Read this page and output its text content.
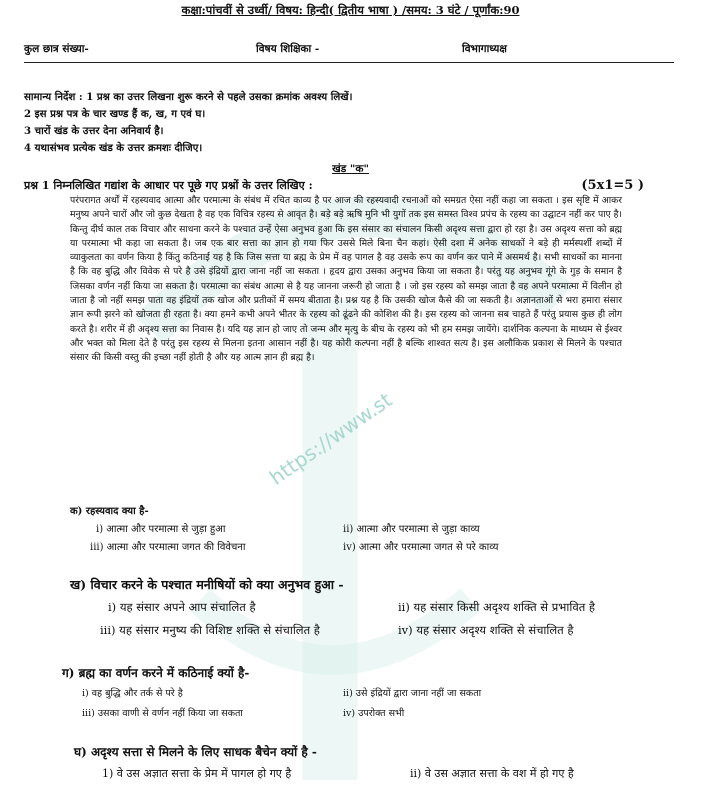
कक्षा:पांचवीं से उर्ध्वी/ विषय: हिन्दी( द्वितीय भाषा ) /समय: 3 घंटे / पूर्णांक:90
कुल छात्र संख्या-	विषय शिक्षिका -	विभागाध्यक्ष
सामान्य निर्देश : 1 प्रश्न का उत्तर लिखना शुरू करने से पहले उसका क्रमांक अवश्य लिखें।
2 इस प्रश्न पत्र के चार खण्ड हैं क, ख, ग एवं घ।
3 चारों खंड के उत्तर देना अनिवार्य है।
4 यथासंभव प्रत्येक खंड के उत्तर क्रमशः दीजिए।
खंड "क"
प्रश्न 1 निम्नलिखित गद्यांश के आधार पर पूछे गए प्रश्नों के उत्तर लिखिए :	(5x1=5 )
परंपरागत अर्थों में रहस्यवाद आत्मा और परमात्मा के संबंध में रचित काव्य है पर आज की रहस्यवादी रचनाओं को समग्रत ऐसा नहीं कहा जा सकता । इस सृष्टि में आकर मनुष्य अपने चारों और जो कुछ देखता है वह एक विचित्र रहस्य से आवृत है। बड़े बड़े ऋषि मुनि भी युगों तक इस समस्त विश्व प्रपंच के रहस्य का उद्घाटन नहीं कर पाए है। किन्तु दीर्घ काल तक विचार और साधना करने के पश्चात उन्हें ऐसा अनुभव हुआ कि इस संसार का संचालन किसी अदृश्य सत्ता द्वारा हो रहा है। उस अदृश्य सत्ता को ब्रह्म या परमात्मा भी कहा जा सकता है। जब एक बार सत्ता का ज्ञान हो गया फिर उससे मिले बिना चैन कहां। ऐसी दशा में अनेक साधकों ने बड़े ही मर्मस्पर्शी शब्दों में व्याकुलता का वर्णन किया है किंतु कठिनाई यह है कि जिस सत्ता या ब्रह्म के प्रेम में वह पागल है वह उसके रूप का वर्णन कर पाने में असमर्थ है। सभी साधकों का मानना है कि वह बुद्धि और विवेक से परे है उसे इंद्रियों द्वारा जाना नहीं जा सकता । हृदय द्वारा उसका अनुभव किया जा सकता है। परंतु यह अनुभव गूंगे के गुड़ के समान है जिसका वर्णन नहीं किया जा सकता है। परमात्मा का संबंध आत्मा से है यह जानना जरूरी हो जाता है । जो इस रहस्य को समझ जाता है वह अपने परमात्मा में विलीन हो जाता है जो नहीं समझ पाता वह इंद्रियों तक खोज और प्रतीकों में समय बीताता है। प्रश्न यह है कि उसकी खोज कैसे की जा सकती है। अज्ञानताओं से भरा हमारा संसार ज्ञान रूपी झरने को खोजता ही रहता है। क्या हमने कभी अपने भीतर के रहस्य को ढूंढने की कोशिश की है। इस रहस्य को जानना सब चाहते हैं परंतु प्रयास कुछ ही लोग करते है। शरीर में ही अदृश्य सत्ता का निवास है। यदि यह ज्ञान हो जाए तो जन्म और मृत्यु के बीच के रहस्य को भी हम समझ जायेंगे। दार्शनिक कल्पना के माध्यम से ईश्वर और भक्त को मिला देते है परंतु इस रहस्य से मिलना इतना आसान नहीं है। यह कोरी कल्पना नहीं है बल्कि शाश्वत सत्य है। इस अलौकिक प्रकाश से मिलने के पश्चात संसार की किसी वस्तु की इच्छा नहीं होती है और यह आत्म ज्ञान ही ब्रह्म है।
https://www.st
क) रहस्यवाद क्या है-
i) आत्मा और परमात्मा से जुड़ा हुआ	ii) आत्मा और परमात्मा से जुड़ा काव्य
iii) आत्मा और परमात्मा जगत की विवेचना	iv) आत्मा और परमात्मा जगत से परे काव्य
ख) विचार करने के पश्चात मनीषियों को क्या अनुभव हुआ -
i) यह संसार अपने आप संचालित है	ii) यह संसार किसी अदृश्य शक्ति से प्रभावित है
iii) यह संसार मनुष्य की विशिष्ट शक्ति से संचालित है	iv) यह संसार अदृश्य शक्ति से संचालित है
ग) ब्रह्म का वर्णन करने में कठिनाई क्यों है-
i) वह बुद्धि और तर्क से परे है	ii) उसे इंद्रियों द्वारा जाना नहीं जा सकता
iii) उसका वाणी से वर्णन नहीं किया जा सकता	iv) उपरोक्त सभी
घ) अदृश्य सत्ता से मिलने के लिए साधक बैचेन क्यों है -
1) वे उस अज्ञात सत्ता के प्रेम में पागल हो गए है	ii) वे उस अज्ञात सत्ता के वश में हो गए है
